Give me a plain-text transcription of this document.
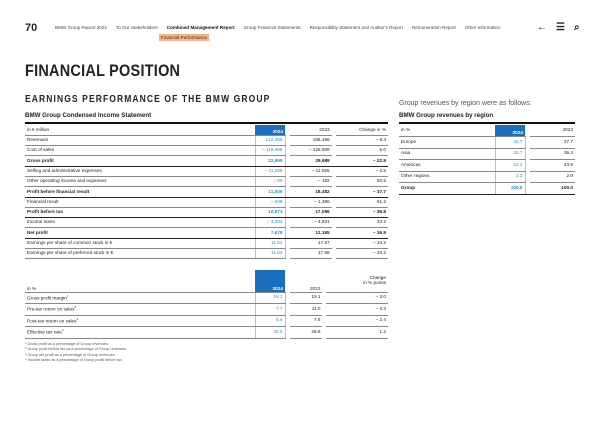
70	BMW Group Report 2024 To Our Stakeholders Combined Management Report Group Financial Statements Responsibility Statement and Auditor's Report Remuneration Report Other Information
Financial Performance
← ☰ ⌕
FINANCIAL POSITION
EARNINGS PERFORMANCE OF THE BMW GROUP	Group revenues by region were as follows:
BMW Group Condensed Income Statement	BMW Group revenues by region
in € million	2024		2023		Change in %
Revenues	142,380		155,498		– 8.4
Cost of sales	– 119,485		– 125,809		5.0
Gross profit	22,895		29,689		– 22.9
Selling and administrative expenses	– 11,296		– 11,025		– 2.5
Other operating income and expenses	– 90		– 182		50.5
Profit before financial result	11,509		18,482		– 37.7
Financial result	– 538		– 1,386		61.2
Profit before tax	10,971		17,096		– 35.8
Income taxes	– 3,293		– 4,931		33.2
Net profit	7,678		12,165		– 36.9
Earnings per share of common stock in €	11.62		17.67		– 34.2
Earnings per share of preferred stock in €	11.64		17.69		– 34.2
in %	2024		2023		Change
in % points
Gross profit margin$^1$	16.1		19.1		– 3.0
Pre-tax return on sales$^2$	7.7		11.0		– 3.3
Post-tax return on sales$^3$	5.4		7.8		– 2.4
Effective tax rate$^4$	30.0		28.8		1.2
¹ Gross profit as a percentage of Group revenues.
² Group profit before tax as a percentage of Group revenues.
³ Group net profit as a percentage of Group revenues.
⁴ Income taxes as a percentage of Group profit before tax.
in %	2024		2023
Europe	42.7		37.7
Asia	32.7		36.4
Americas	22.4		23.9
Other regions	2.2		2.0
Group	100.0		100.0
